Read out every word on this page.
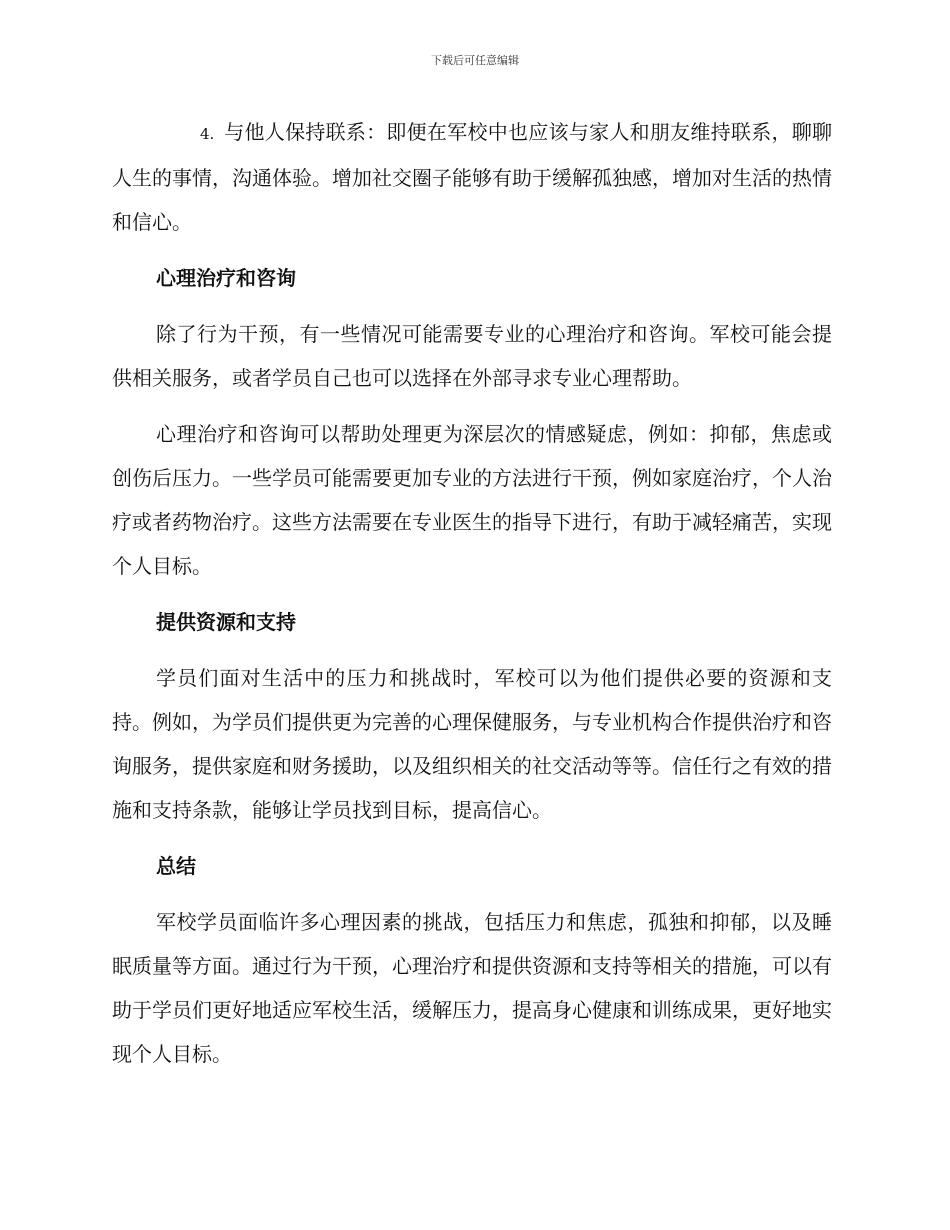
下载后可任意编辑

4. 与他人保持联系：即便在军校中也应该与家人和朋友维持联系，聊聊人生的事情，沟通体验。增加社交圈子能够有助于缓解孤独感，增加对生活的热情和信心。

心理治疗和咨询

除了行为干预，有一些情况可能需要专业的心理治疗和咨询。军校可能会提供相关服务，或者学员自己也可以选择在外部寻求专业心理帮助。

心理治疗和咨询可以帮助处理更为深层次的情感疑虑，例如：抑郁，焦虑或创伤后压力。一些学员可能需要更加专业的方法进行干预，例如家庭治疗，个人治疗或者药物治疗。这些方法需要在专业医生的指导下进行，有助于减轻痛苦，实现个人目标。

提供资源和支持

学员们面对生活中的压力和挑战时，军校可以为他们提供必要的资源和支持。例如，为学员们提供更为完善的心理保健服务，与专业机构合作提供治疗和咨询服务，提供家庭和财务援助，以及组织相关的社交活动等等。信任行之有效的措施和支持条款，能够让学员找到目标，提高信心。

总结

军校学员面临许多心理因素的挑战，包括压力和焦虑，孤独和抑郁，以及睡眠质量等方面。通过行为干预，心理治疗和提供资源和支持等相关的措施，可以有助于学员们更好地适应军校生活，缓解压力，提高身心健康和训练成果，更好地实现个人目标。
